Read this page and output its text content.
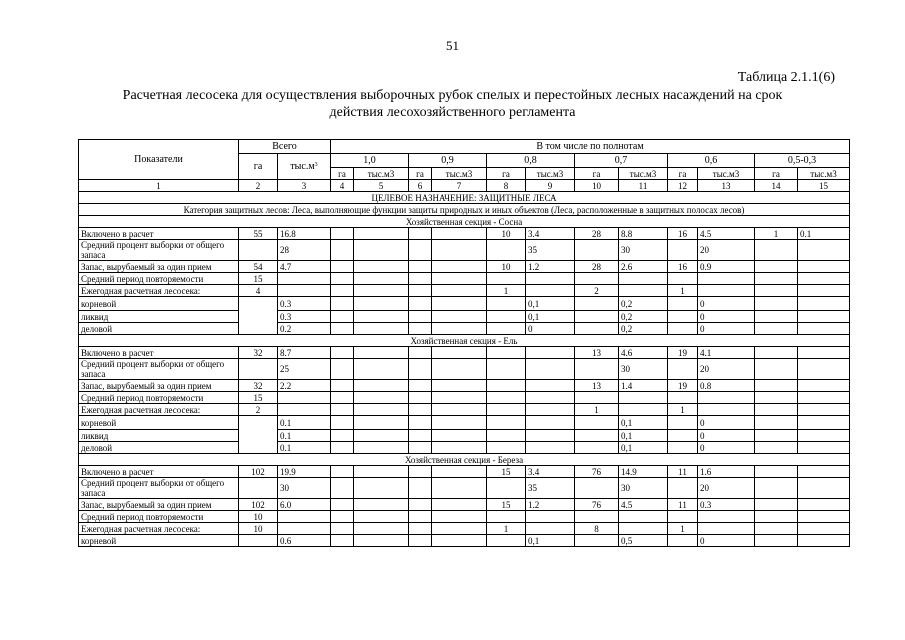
51
Таблица 2.1.1(6)
Расчетная лесосека для осуществления выборочных рубок спелых и перестойных лесных насаждений на срок
действия лесохозяйственного регламента
Показатели	Всего		В том числе по полнотам											
	га	$тыс.м^3$	1,0		0,9		0,8		0,7		0,6		0,5-0,3	
			га	тыс.м3	га	тыс.м3	га	тыс.м3	га	тыс.м3	га	тыс.м3	га	тыс.м3
1	2	3	4	5	6	7	8	9	10	11	12	13	14	15
ЦЕЛЕВОЕ НАЗНАЧЕНИЕ: ЗАЩИТНЫЕ ЛЕСА														
Категория защитных лесов: Леса, выполняющие функции защиты природных и иных объектов (Леса, расположенные в защитных полосах лесов)														
Хозяйственная секция - Сосна														
Включено в расчет	55	16.8					10	3.4	28	8.8	16	4.5	1	0.1
Средний процент выборки от общего запаса		28						35		30		20		
Запас, вырубаемый за один прием	54	4.7					10	1.2	28	2.6	16	0.9		
Средний период повторяемости	15													
Ежегодная расчетная лесосека:	4						1		2		1			
корневой		0.3						0,1		0,2		0		
ликвид		0.3						0,1		0,2		0		
деловой		0.2						0		0,2		0		
Хозяйственная секция - Ель														
Включено в расчет	32	8.7							13	4.6	19	4.1		
Средний процент выборки от общего запаса		25								30		20		
Запас, вырубаемый за один прием	32	2.2							13	1.4	19	0.8		
Средний период повторяемости	15													
Ежегодная расчетная лесосека:	2								1		1			
корневой		0.1								0,1		0		
ликвид		0.1								0,1		0		
деловой		0.1								0,1		0		
Хозяйственная секция - Береза														
Включено в расчет	102	19.9					15	3.4	76	14.9	11	1.6		
Средний процент выборки от общего запаса		30						35		30		20		
Запас, вырубаемый за один прием	102	6.0					15	1.2	76	4.5	11	0.3		
Средний период повторяемости	10													
Ежегодная расчетная лесосека:	10						1		8		1			
корневой		0.6						0,1		0,5		0		
